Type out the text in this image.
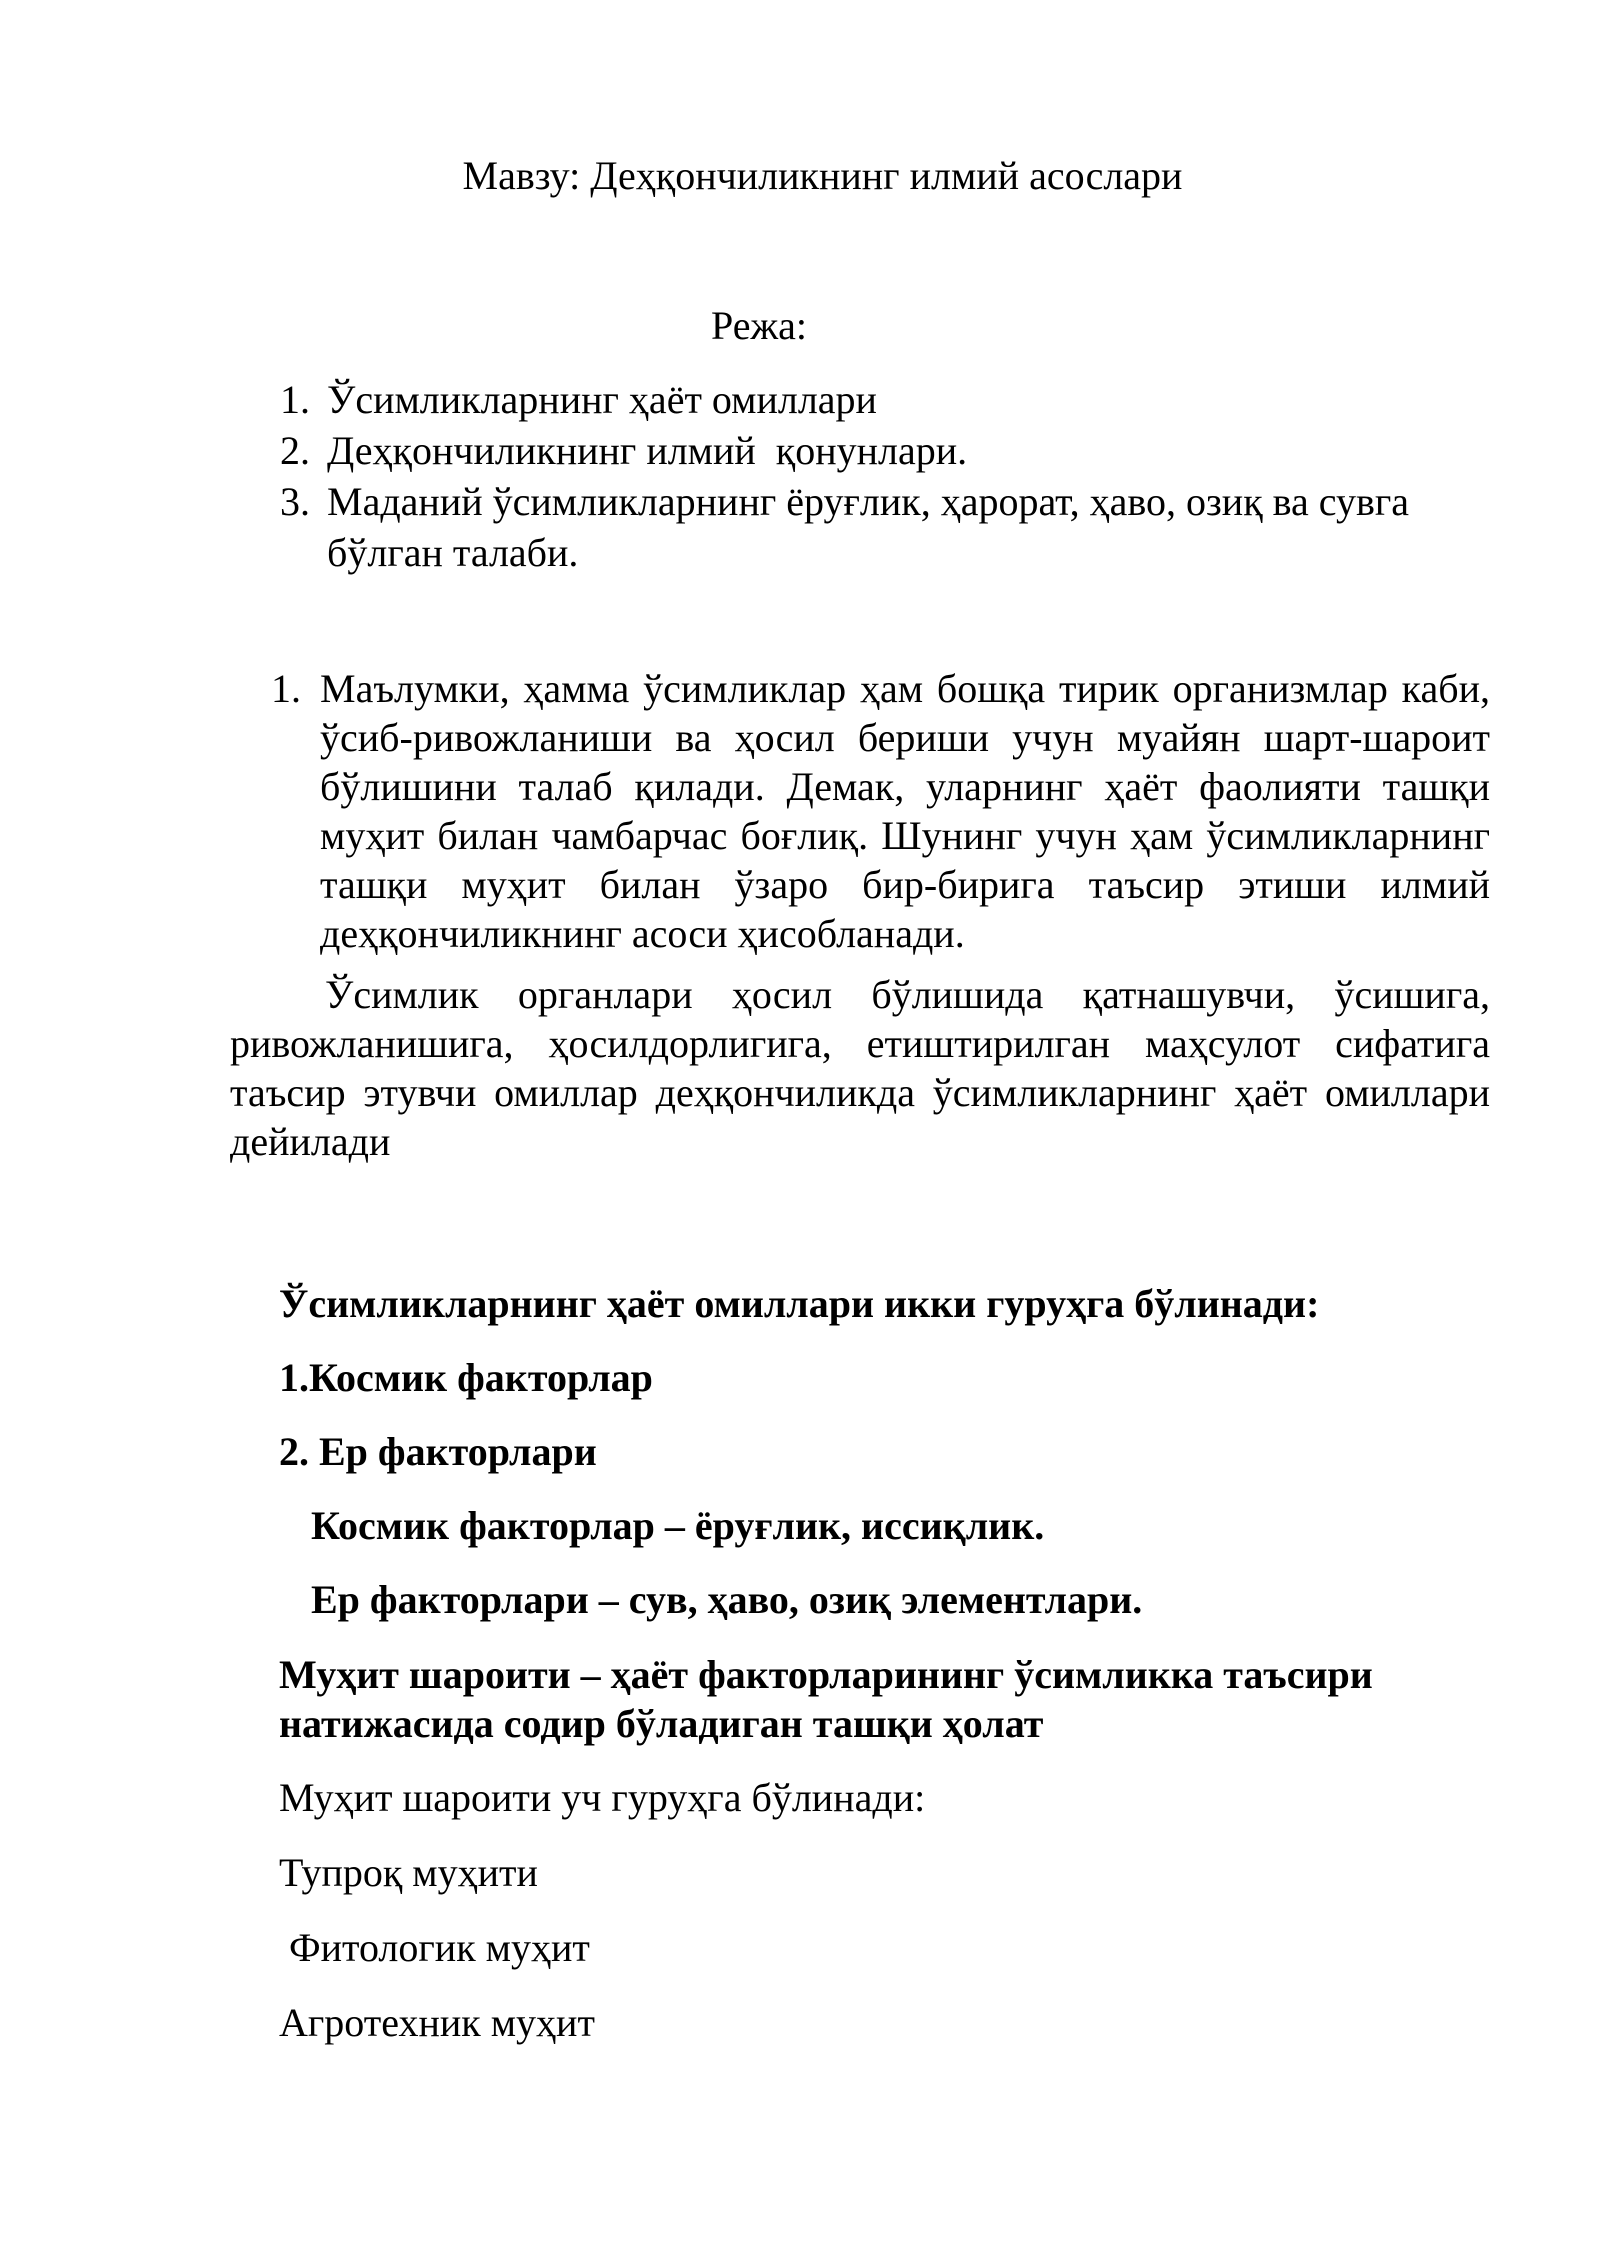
Мавзу: Деҳқончиликнинг илмий асослари
Режа:
1. Ўсимликларнинг ҳаёт омиллари
2. Деҳқончиликнинг илмий  қонунлари.
3. Маданий ўсимликларнинг ёруғлик, ҳарорат, ҳаво, озиқ ва сувга бўлган талаби.
1. Маълумки, ҳамма ўсимликлар ҳам бошқа тирик организмлар каби, ўсиб-ривожланиши ва ҳосил бериши учун муайян шарт-шароит бўлишини талаб қилади. Демак, уларнинг ҳаёт фаолияти ташқи муҳит билан чамбарчас боғлиқ. Шунинг учун ҳам ўсимликларнинг ташқи муҳит билан ўзаро бир-бирига таъсир этиши илмий деҳқончиликнинг асоси ҳисобланади.
Ўсимлик органлари ҳосил бўлишида қатнашувчи, ўсишига, ривожланишига, ҳосилдорлигига, етиштирилган маҳсулот сифатига таъсир этувчи омиллар деҳқончиликда ўсимликларнинг ҳаёт омиллари дейилади
Ўсимликларнинг ҳаёт омиллари икки гуруҳга бўлинади:
1.Космик факторлар
2. Ер факторлари
Космик факторлар – ёруғлик, иссиқлик.
Ер факторлари – сув, ҳаво, озиқ элементлари.
Муҳит шароити – ҳаёт факторларининг ўсимликка таъсири натижасида содир бўладиган ташқи ҳолат
Муҳит шароити уч гуруҳга бўлинади:
Тупроқ муҳити
Фитологик муҳит
Агротехник муҳит
